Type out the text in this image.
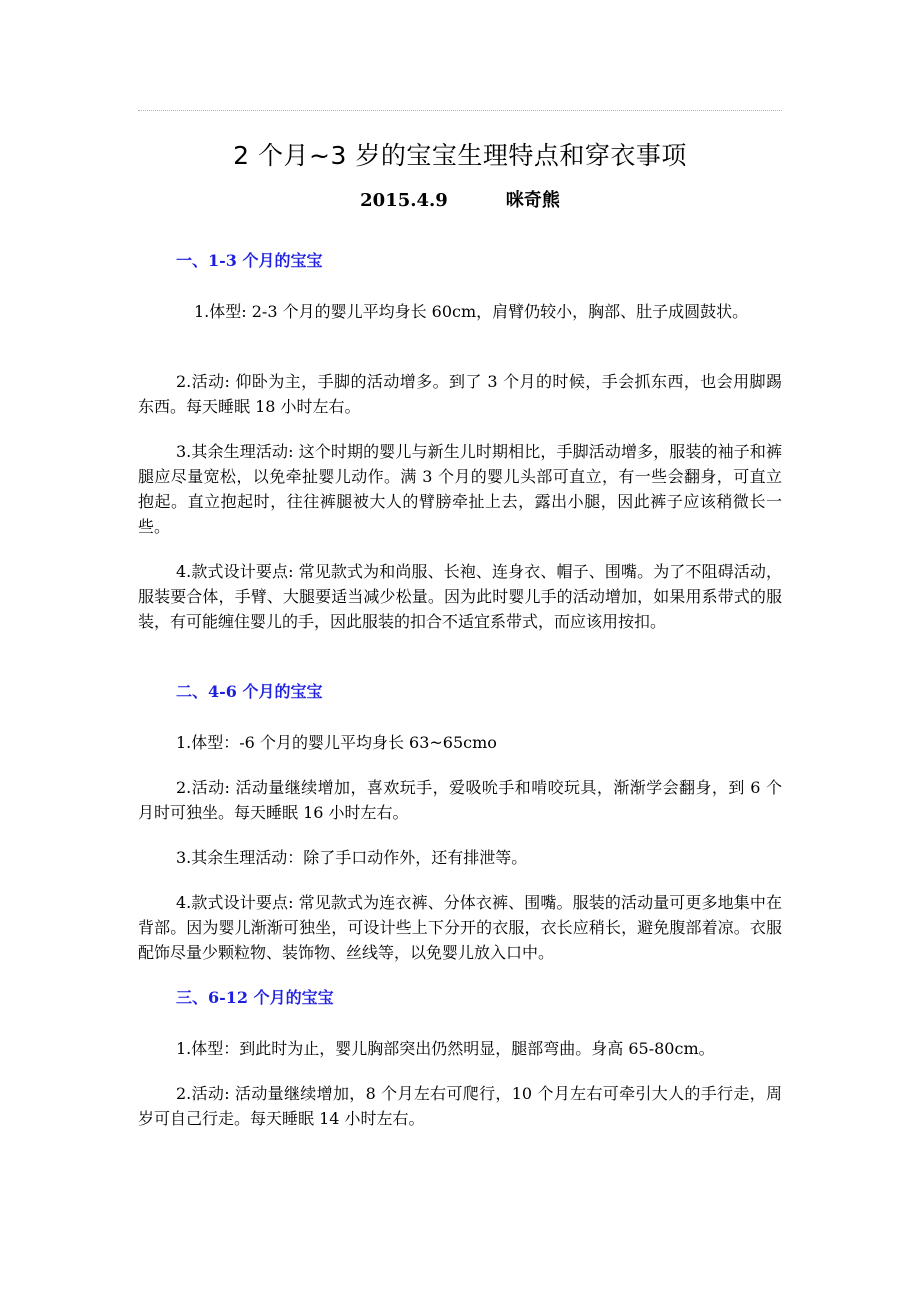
2 个月~3 岁的宝宝生理特点和穿衣事项
2015.4.9	咪奇熊
一、1-3 个月的宝宝

1.体型: 2-3 个月的婴儿平均身长 60cm，肩臂仍较小，胸部、肚子成圆鼓状。

2.活动: 仰卧为主，手脚的活动增多。到了 3 个月的时候，手会抓东西，也会用脚踢东西。每天睡眠 18 小时左右。

3.其余生理活动: 这个时期的婴儿与新生儿时期相比，手脚活动增多，服装的袖子和裤腿应尽量宽松，以免牵扯婴儿动作。满 3 个月的婴儿头部可直立，有一些会翻身，可直立抱起。直立抱起时，往往裤腿被大人的臂膀牵扯上去，露出小腿，因此裤子应该稍微长一些。

4.款式设计要点: 常见款式为和尚服、长袍、连身衣、帽子、围嘴。为了不阻碍活动，服装要合体，手臂、大腿要适当减少松量。因为此时婴儿手的活动增加，如果用系带式的服装，有可能缠住婴儿的手，因此服装的扣合不适宜系带式，而应该用按扣。

二、4-6 个月的宝宝

1.体型：-6 个月的婴儿平均身长 63~65cmo

2.活动: 活动量继续增加，喜欢玩手，爱吸吮手和啃咬玩具，渐渐学会翻身，到 6 个月时可独坐。每天睡眠 16 小时左右。

3.其余生理活动：除了手口动作外，还有排泄等。

4.款式设计要点: 常见款式为连衣裤、分体衣裤、围嘴。服装的活动量可更多地集中在背部。因为婴儿渐渐可独坐，可设计些上下分开的衣服，衣长应稍长，避免腹部着凉。衣服配饰尽量少颗粒物、装饰物、丝线等，以免婴儿放入口中。

三、6-12 个月的宝宝

1.体型：到此时为止，婴儿胸部突出仍然明显，腿部弯曲。身高 65-80cm。

2.活动: 活动量继续增加，8 个月左右可爬行，10 个月左右可牵引大人的手行走，周岁可自己行走。每天睡眠 14 小时左右。
